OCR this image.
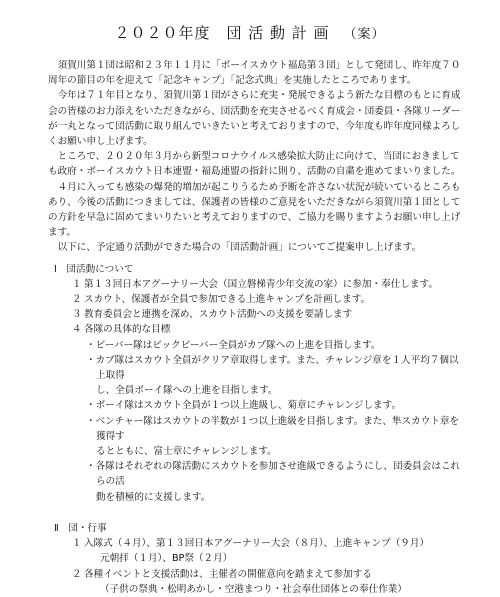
２０２０年度　団 活 動 計 画 （案）

須賀川第１団は昭和２３年１１月に「ボーイスカウト福島第３団」として発団し、昨年度７０周年の節目の年を迎えて「記念キャンプ」「記念式典」を実施したところであります。

今年は７１年目となり、須賀川第１団がさらに充実・発展できるよう新たな目標のもとに育成会の皆様のお力添えをいただきながら、団活動を充実させるべく育成会・団委員・各隊リーダー が一丸となって団活動に取り組んでいきたいと考えておりますので、今年度も昨年度同様よろしくお願い申し上げます。

ところで、２０２０年３月から新型コロナウイルス感染拡大防止に向けて、当団におきましても政府・ボーイスカウト日本連盟・福島連盟の指針に則り、活動の自粛を進めてまいりました。

４月に入っても感染の爆発的増加が起こりうるため予断を許さない状況が続いているところもあり、今後の活動につきましては、保護者の皆様のご意見をいただきながら須賀川第１団としての方針を早急に固めてまいりたいと考えておりますので、ご協力を賜りますようお願い申し上げます。

以下に、予定通り活動ができた場合の「団活動計画」についてご提案申し上げます。

Ⅰ　団活動について

１ 第１３回日本アグーナリー大会（国立磐梯青少年交流の家）に参加・奉仕します。

２ スカウト、保護者が全員で参加できる上進キャンプを計画します。

３ 教育委員会と連携を深め、スカウト活動への支援を要請します

４ 各隊の具体的な目標

・ビーバー隊はビックビーバー全員がカブ隊への上進を目指します。

・カブ隊はスカウト全員がクリア章取得します。また、チャレンジ章を１人平均７個以上取得

し、全員ボーイ隊への上進を目指します。

・ボーイ隊はスカウト全員が１つ以上進級し、菊章にチャレンジします。

・ベンチャー隊はスカウトの半数が１つ以上進級を目指します。また、隼スカウト章を獲得す

るとともに、富士章にチャレンジします。

・各隊はそれぞれの隊活動にスカウトを参加させ進級できるようにし、団委員会はこれらの活

動を積極的に支援します。

Ⅱ　団・行事

１ 入隊式（４月）、第１３回日本アグーナリー大会（８月）、上進キャンプ（９月）

元朝拝（１月）、BP祭（２月）

２ 各種イベントと支援活動は、主催者の開催意向を踏まえて参加する

（子供の祭典・松明あかし・空港まつり・社会奉仕団体との奉仕作業）
